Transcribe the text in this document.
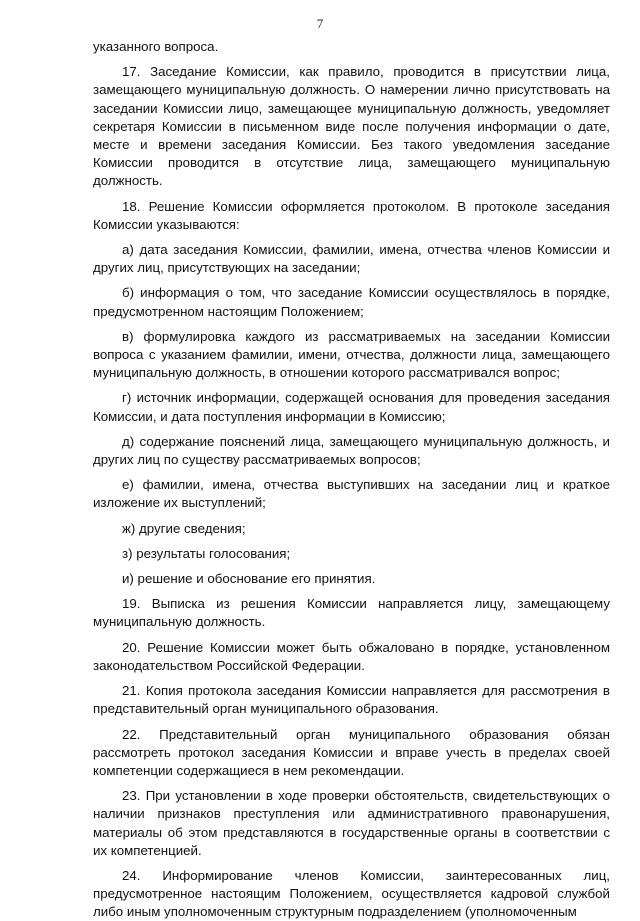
7

указанного вопроса.

17. Заседание Комиссии, как правило, проводится в присутствии лица, замещающего муниципальную должность. О намерении лично присутствовать на заседании Комиссии лицо, замещающее муниципальную должность, уведомляет секретаря Комиссии в письменном виде после получения информации о дате, месте и времени заседания Комиссии. Без такого уведомления заседание Комиссии проводится в отсутствие лица, замещающего муниципальную должность.

18. Решение Комиссии оформляется протоколом. В протоколе заседания Комиссии указываются:

а) дата заседания Комиссии, фамилии, имена, отчества членов Комиссии и других лиц, присутствующих на заседании;

б) информация о том, что заседание Комиссии осуществлялось в порядке, предусмотренном настоящим Положением;

в) формулировка каждого из рассматриваемых на заседании Комиссии вопроса с указанием фамилии, имени, отчества, должности лица, замещающего муниципальную должность, в отношении которого рассматривался вопрос;

г) источник информации, содержащей основания для проведения заседания Комиссии, и дата поступления информации в Комиссию;

д) содержание пояснений лица, замещающего муниципальную должность, и других лиц по существу рассматриваемых вопросов;

е) фамилии, имена, отчества выступивших на заседании лиц и краткое изложение их выступлений;

ж) другие сведения;

з) результаты голосования;

и) решение и обоснование его принятия.

19. Выписка из решения Комиссии направляется лицу, замещающему муниципальную должность.

20. Решение Комиссии может быть обжаловано в порядке, установленном законодательством Российской Федерации.

21. Копия протокола заседания Комиссии направляется для рассмотрения в представительный орган муниципального образования.

22. Представительный орган муниципального образования обязан рассмотреть протокол заседания Комиссии и вправе учесть в пределах своей компетенции содержащиеся в нем рекомендации.

23. При установлении в ходе проверки обстоятельств, свидетельствующих о наличии признаков преступления или административного правонарушения, материалы об этом представляются в государственные органы в соответствии с их компетенцией.

24. Информирование членов Комиссии, заинтересованных лиц, предусмотренное настоящим Положением, осуществляется кадровой службой либо иным уполномоченным структурным подразделением (уполномоченным
